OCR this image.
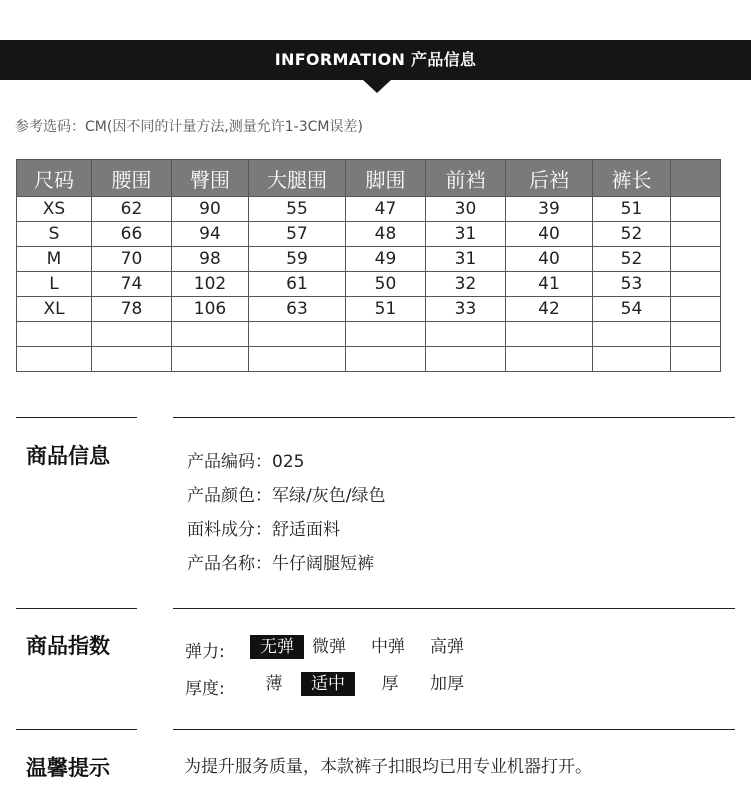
INFORMATION 产品信息
参考选码：CM(因不同的计量方法,测量允许1-3CM误差)
尺码	腰围	臀围	大腿围	脚围	前裆	后裆	裤长	
XS	62	90	55	47	30	39	51	
S	66	94	57	48	31	40	52	
M	70	98	59	49	31	40	52	
L	74	102	61	50	32	41	53	
XL	78	106	63	51	33	42	54	

商品信息	产品编码：025
产品颜色：军绿/灰色/绿色
面料成分：舒适面料
产品名称：牛仔阔腿短裤
商品指数	弹力:	无弹	微弹	中弹	高弹
厚度:	薄	适中	厚	加厚
温馨提示	为提升服务质量，本款裤子扣眼均已用专业机器打开。
